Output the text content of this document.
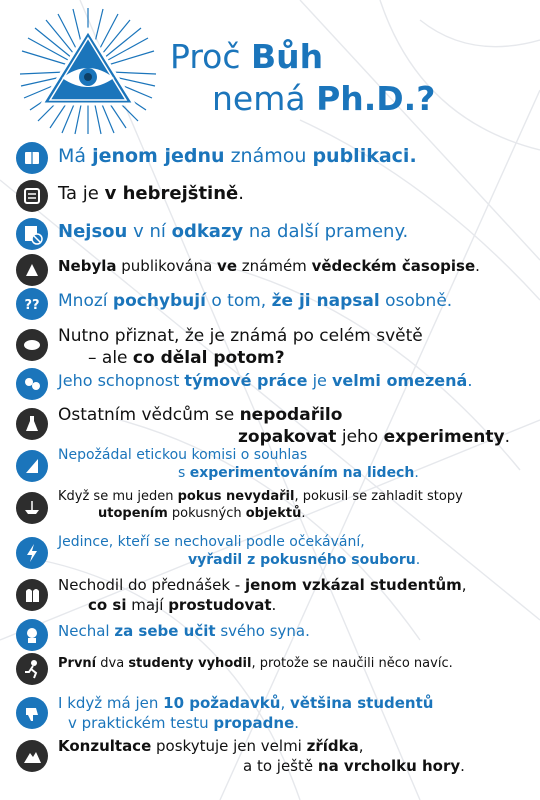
Proč Bůh
nemá Ph.D.?
Má jenom jednu známou publikaci.
Ta je v hebrejštině.
Nejsou v ní odkazy na další prameny.
Nebyla publikována ve známém vědeckém časopise.
?? Mnozí pochybují o tom, že ji napsal osobně.
Nutno přiznat, že je známá po celém světě
– ale co dělal potom?
Jeho schopnost týmové práce je velmi omezená.
Ostatním vědcům se nepodařilo
zopakovat jeho experimenty.
Nepožádal etickou komisi o souhlas
s experimentováním na lidech.
Když se mu jeden pokus nevydařil, pokusil se zahladit stopy
utopením pokusných objektů.
Jedince, kteří se nechovali podle očekávání,
vyřadil z pokusného souboru.
Nechodil do přednášek - jenom vzkázal studentům,
co si mají prostudovat.
Nechal za sebe učit svého syna.
První dva studenty vyhodil, protože se naučili něco navíc.
I když má jen 10 požadavků, většina studentů
v praktickém testu propadne.
Konzultace poskytuje jen velmi zřídka,
a to ještě na vrcholku hory.
